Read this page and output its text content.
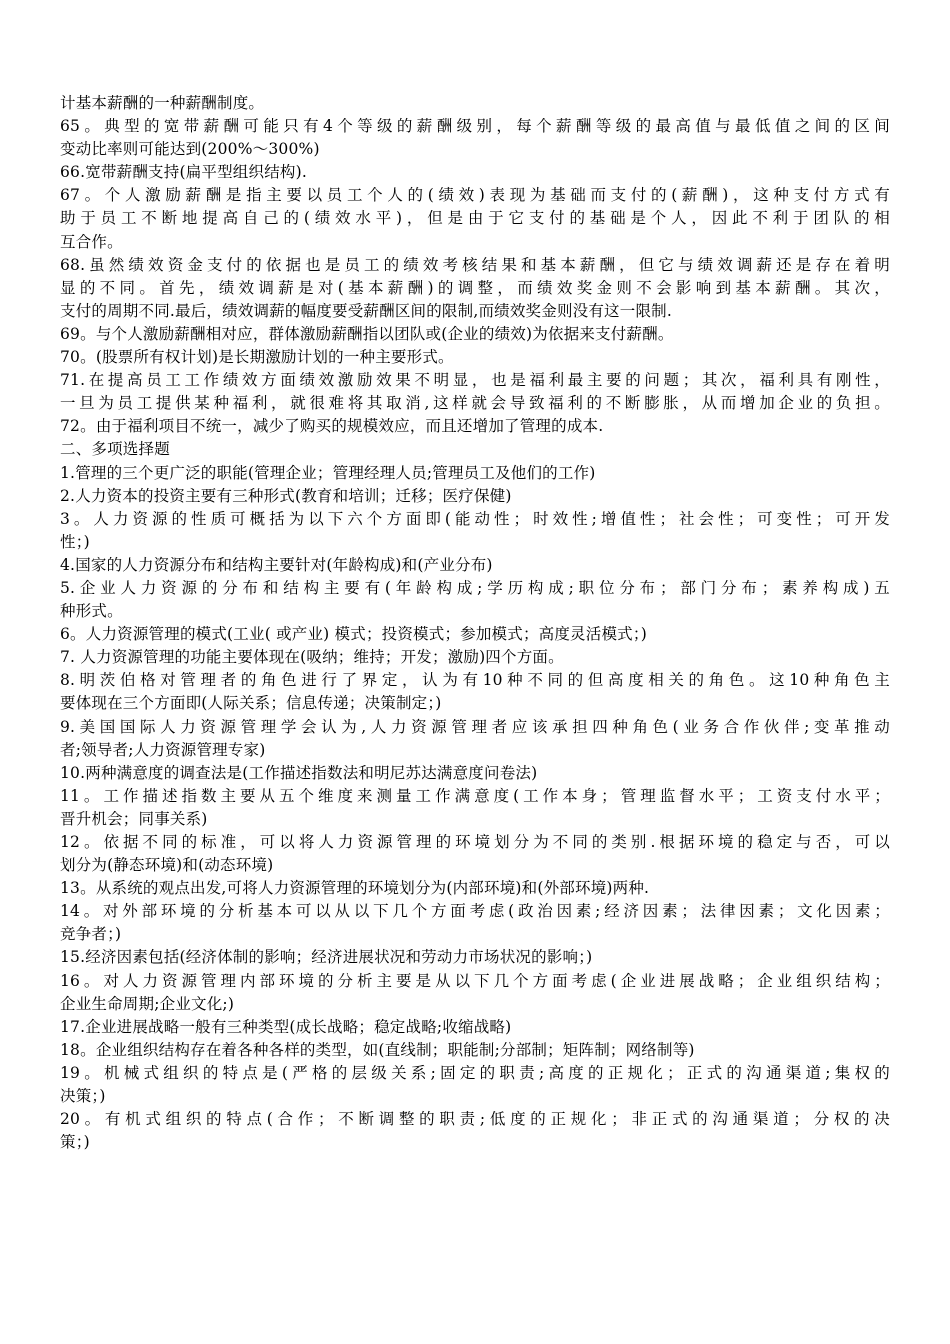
计基本薪酬的一种薪酬制度。
65。典型的宽带薪酬可能只有4个等级的薪酬级别，每个薪酬等级的最高值与最低值之间的区间
变动比率则可能达到(200%～300%)
66.宽带薪酬支持(扁平型组织结构).
67。个人激励薪酬是指主要以员工个人的(绩效)表现为基础而支付的(薪酬)，这种支付方式有
助于员工不断地提高自己的(绩效水平)，但是由于它支付的基础是个人，因此不利于团队的相
互合作。
68.虽然绩效资金支付的依据也是员工的绩效考核结果和基本薪酬，但它与绩效调薪还是存在着明
显的不同。首先，绩效调薪是对(基本薪酬)的调整，而绩效奖金则不会影响到基本薪酬。其次，
支付的周期不同.最后，绩效调薪的幅度要受薪酬区间的限制,而绩效奖金则没有这一限制.
69。与个人激励薪酬相对应，群体激励薪酬指以团队或(企业的绩效)为依据来支付薪酬。
70。(股票所有权计划)是长期激励计划的一种主要形式。
71.在提高员工工作绩效方面绩效激励效果不明显，也是福利最主要的问题；其次，福利具有刚性，
一旦为员工提供某种福利，就很难将其取消,这样就会导致福利的不断膨胀，从而增加企业的负担。
72。由于福利项目不统一，减少了购买的规模效应，而且还增加了管理的成本.
二、多项选择题
1.管理的三个更广泛的职能(管理企业；管理经理人员;管理员工及他们的工作)
2.人力资本的投资主要有三种形式(教育和培训；迁移；医疗保健)
3。人力资源的性质可概括为以下六个方面即(能动性；时效性;增值性；社会性；可变性；可开发
性；)
4.国家的人力资源分布和结构主要针对(年龄构成)和(产业分布)
5.企业人力资源的分布和结构主要有(年龄构成;学历构成;职位分布；部门分布；素养构成)五
种形式。
6。人力资源管理的模式(工业( 或产业) 模式；投资模式；参加模式；高度灵活模式；)
7. 人力资源管理的功能主要体现在(吸纳；维持；开发；激励)四个方面。
8.明茨伯格对管理者的角色进行了界定，认为有10种不同的但高度相关的角色。这10种角色主
要体现在三个方面即(人际关系；信息传递；决策制定；)
9.美国国际人力资源管理学会认为,人力资源管理者应该承担四种角色(业务合作伙伴;变革推动
者;领导者;人力资源管理专家)
10.两种满意度的调查法是(工作描述指数法和明尼苏达满意度问卷法)
11。工作描述指数主要从五个维度来测量工作满意度(工作本身；管理监督水平；工资支付水平；
晋升机会；同事关系)
12。依据不同的标准，可以将人力资源管理的环境划分为不同的类别.根据环境的稳定与否，可以
划分为(静态环境)和(动态环境)
13。从系统的观点出发,可将人力资源管理的环境划分为(内部环境)和(外部环境)两种.
14。对外部环境的分析基本可以从以下几个方面考虑(政治因素;经济因素；法律因素；文化因素；
竞争者；)
15.经济因素包括(经济体制的影响；经济进展状况和劳动力市场状况的影响；)
16。对人力资源管理内部环境的分析主要是从以下几个方面考虑(企业进展战略；企业组织结构；
企业生命周期;企业文化;)
17.企业进展战略一般有三种类型(成长战略；稳定战略;收缩战略)
18。企业组织结构存在着各种各样的类型，如(直线制；职能制;分部制；矩阵制；网络制等)
19。机械式组织的特点是(严格的层级关系;固定的职责;高度的正规化；正式的沟通渠道;集权的
决策；)
20。有机式组织的特点(合作；不断调整的职责;低度的正规化；非正式的沟通渠道；分权的决
策；)
